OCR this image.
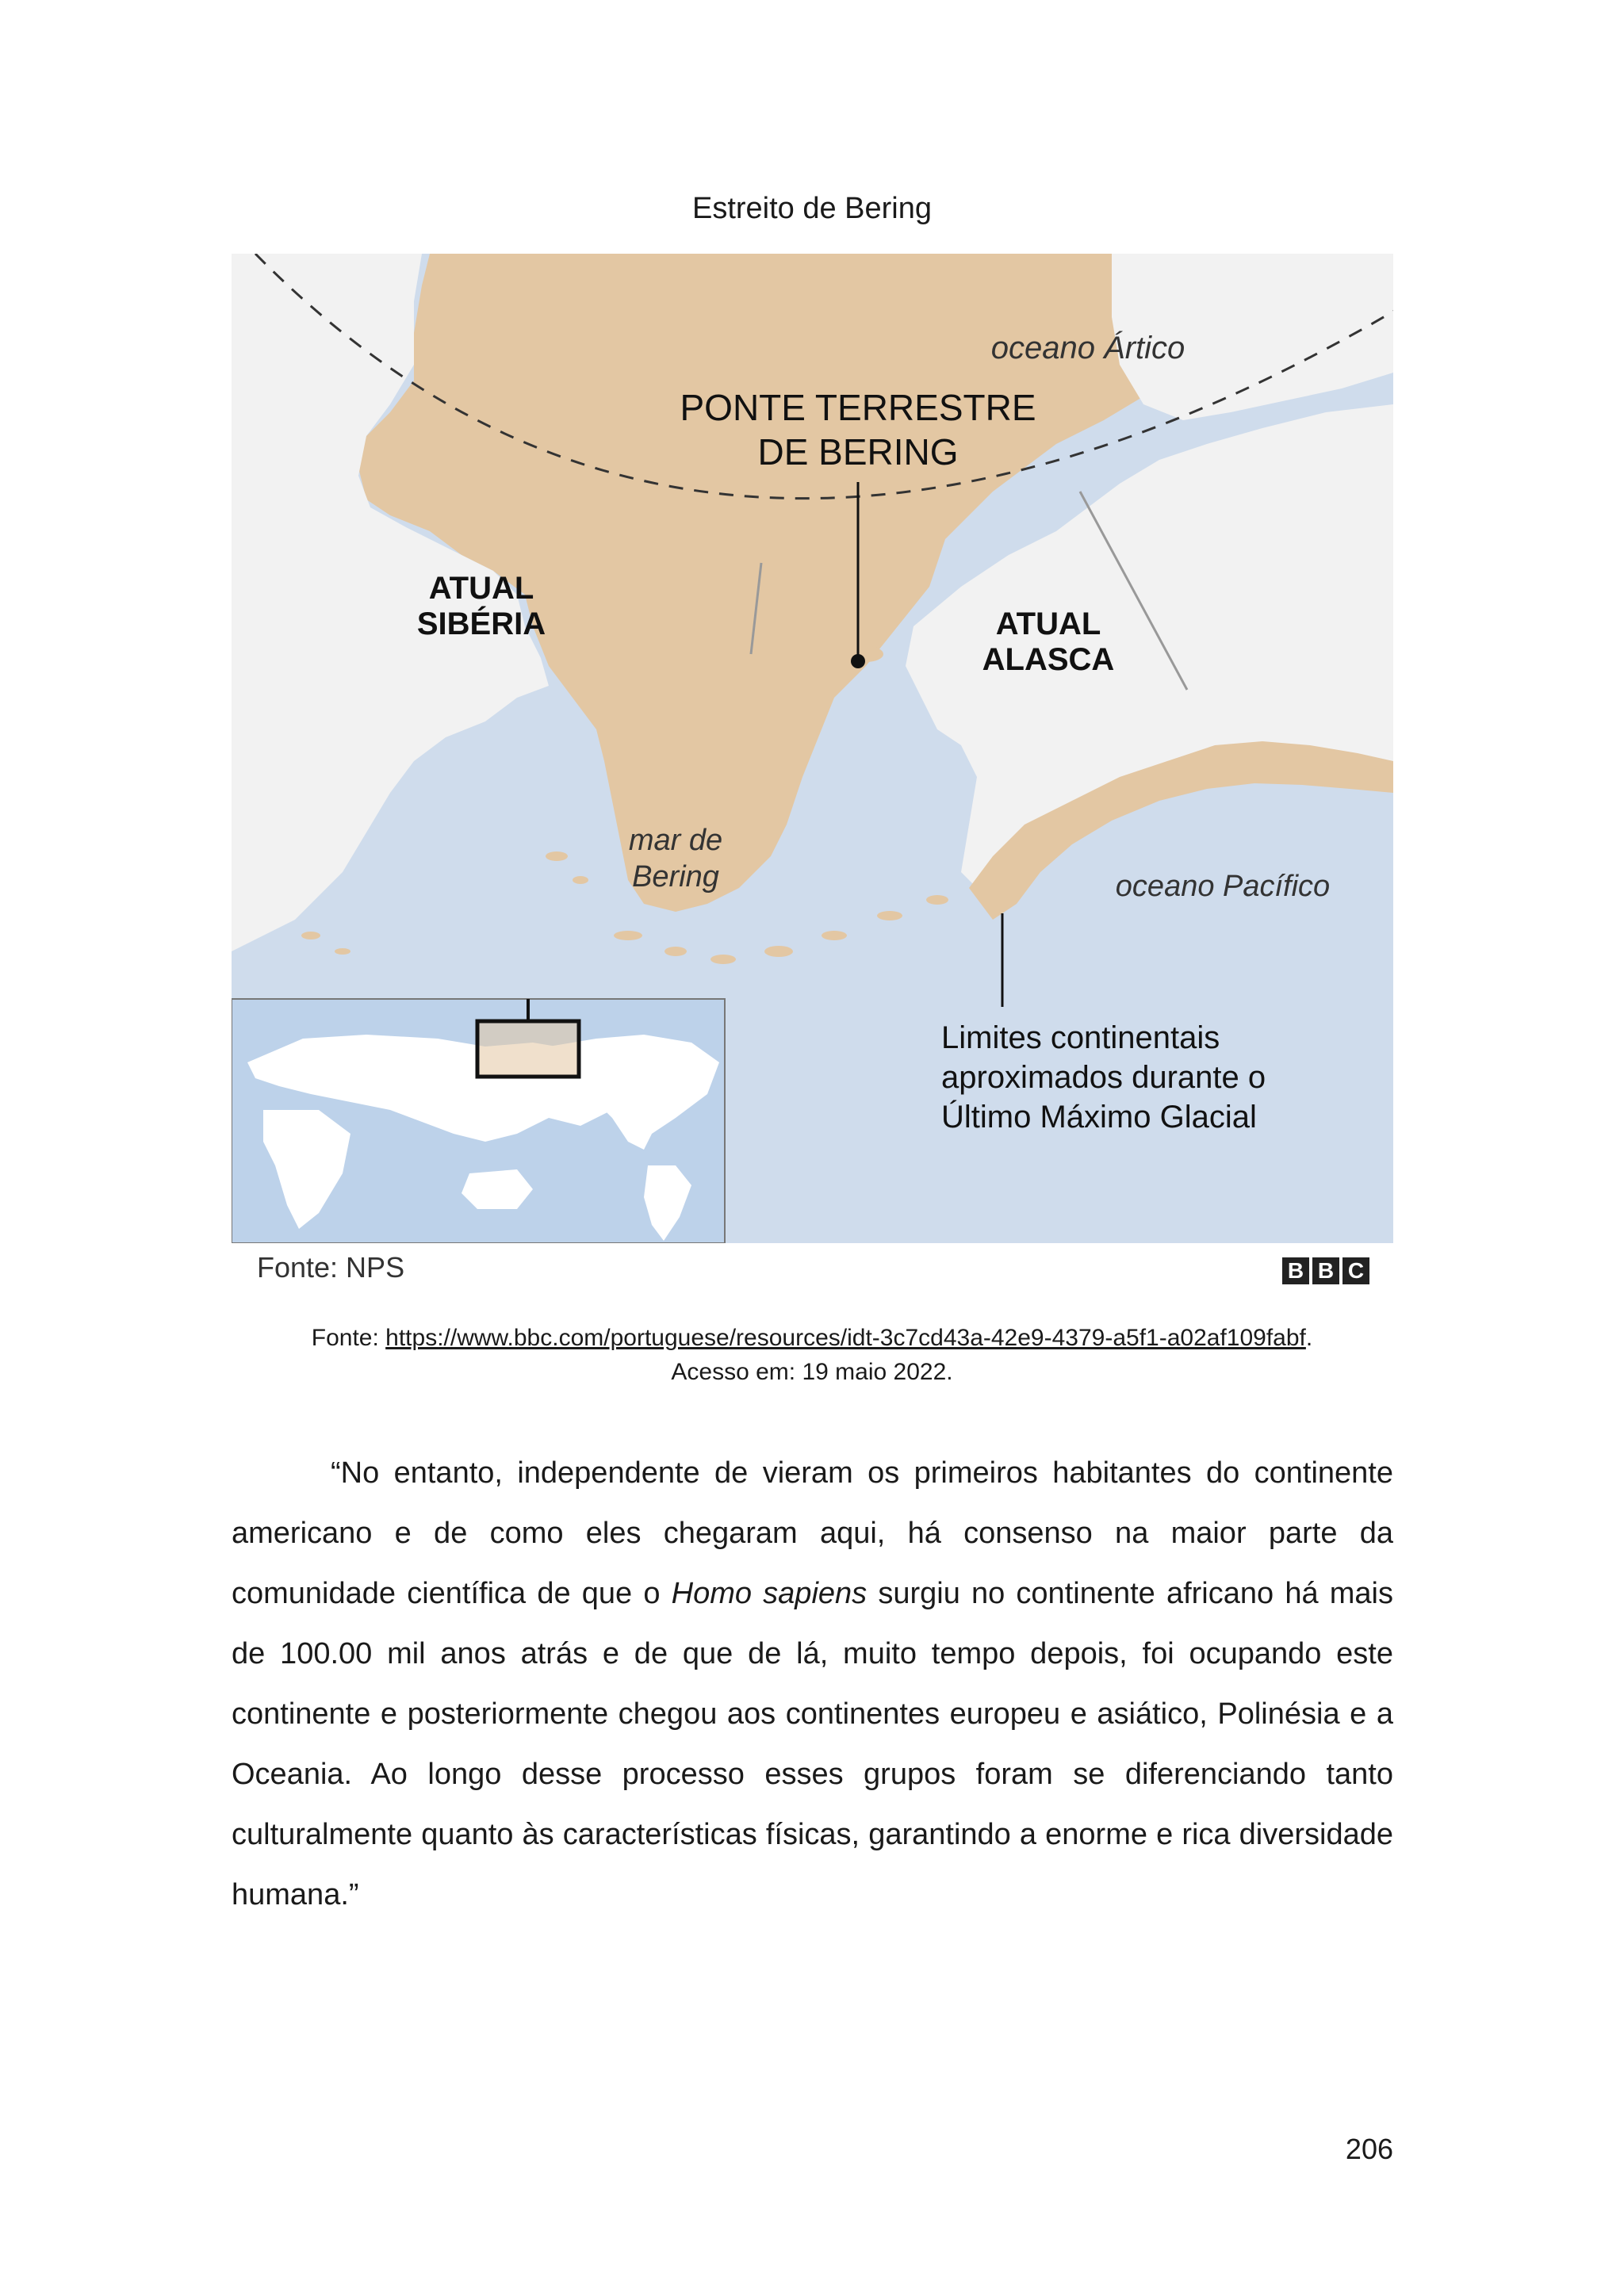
Estreito de Bering
oceano Ártico
PONTE TERRESTRE
DE BERING
ATUAL
SIBÉRIA	ATUAL
ALASCA
mar de
Bering	oceano Pacífico
Limites continentais
aproximados durante o
Último Máximo Glacial
Fonte: NPS	B B C
Fonte: https://www.bbc.com/portuguese/resources/idt-3c7cd43a-42e9-4379-a5f1-a02af109fabf.
Acesso em: 19 maio 2022.
“No entanto, independente de vieram os primeiros habitantes do continente americano e de como eles chegaram aqui, há consenso na maior parte da comunidade científica de que o Homo sapiens surgiu no continente africano há mais de 100.00 mil anos atrás e de que de lá, muito tempo depois, foi ocupando este continente e posteriormente chegou aos continentes europeu e asiático, Polinésia e a Oceania. Ao longo desse processo esses grupos foram se diferenciando tanto culturalmente quanto às características físicas, garantindo a enorme e rica diversidade humana.”
206
